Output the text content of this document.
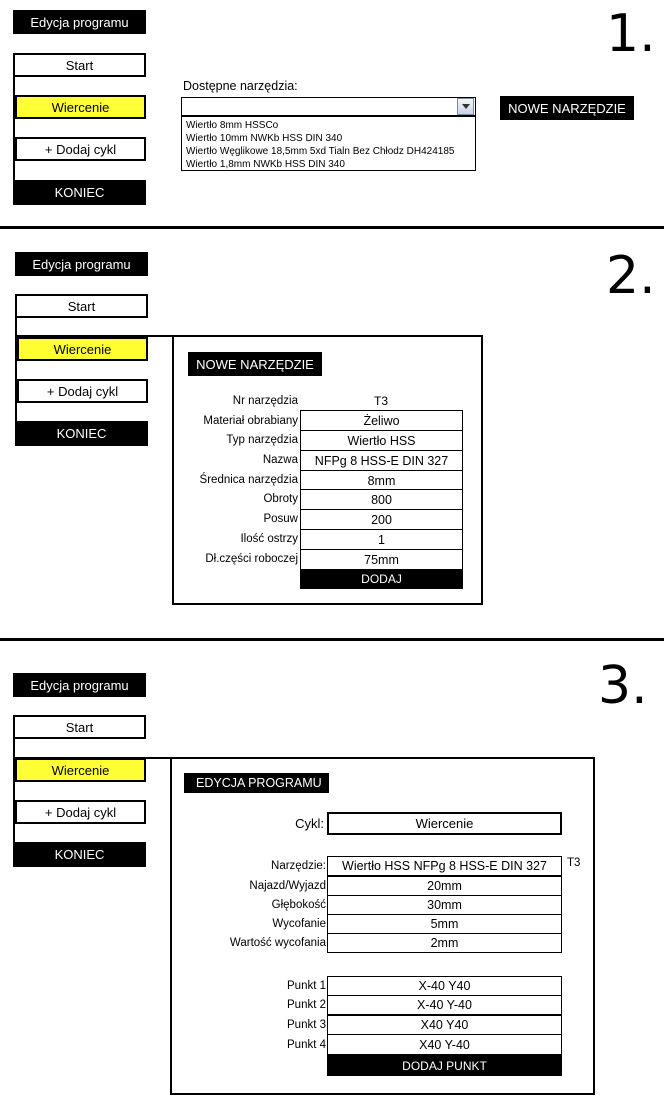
Edycja programu	1.
Start
Wiercenie
+ Dodaj cykl
KONIEC
Dostępne narzędzia:
Wiertło 8mm HSSCo
Wiertło 10mm NWKb HSS DIN 340
Wiertło Węglikowe 18,5mm 5xd Tialn Bez Chłodz DH424185
Wiertło 1,8mm NWKb HSS DIN 340
NOWE NARZĘDZIE
Edycja programu	2.
Start
Wiercenie
+ Dodaj cykl
KONIEC
NOWE NARZĘDZIE
Nr narzędzia	T3
Materiał obrabiany	Żeliwo
Typ narzędzia	Wiertło HSS
Nazwa	NFPg 8 HSS-E DIN 327
Średnica narzędzia	8mm
Obroty	800
Posuw	200
Ilość ostrzy	1
Dł.części roboczej	75mm
DODAJ
Edycja programu	3.
Start
Wiercenie
+ Dodaj cykl
KONIEC
EDYCJA PROGRAMU
Cykl:	Wiercenie
Narzędzie:	Wiertło HSS NFPg 8 HSS-E DIN 327	T3
Najazd/Wyjazd	20mm
Głębokość	30mm
Wycofanie	5mm
Wartość wycofania	2mm
Punkt 1	X-40 Y40
Punkt 2	X-40 Y-40
Punkt 3	X40 Y40
Punkt 4	X40 Y-40
DODAJ PUNKT
